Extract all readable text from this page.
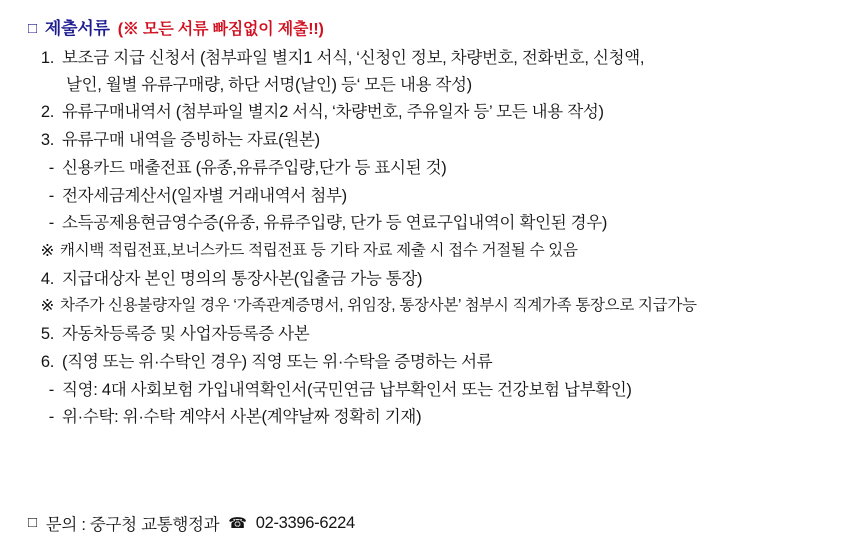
□ 제출서류 (※ 모든 서류 빠짐없이 제출!!)
1. 보조금 지급 신청서 (첨부파일 별지1 서식, ‘신청인 정보, 차량번호, 전화번호, 신청액,
날인, 월별 유류구매량, 하단 서명(날인) 등‘ 모든 내용 작성)
2. 유류구매내역서 (첨부파일 별지2 서식, ‘차량번호, 주유일자 등’ 모든 내용 작성)
3. 유류구매 내역을 증빙하는 자료(원본)
- 신용카드 매출전표 (유종,유류주입량,단가 등 표시된 것)
- 전자세금계산서(일자별 거래내역서 첨부)
- 소득공제용현금영수증(유종, 유류주입량, 단가 등 연료구입내역이 확인된 경우)
※ 캐시백 적립전표,보너스카드 적립전표 등 기타 자료 제출 시 접수 거절될 수 있음
4. 지급대상자 본인 명의의 통장사본(입출금 가능 통장)
※ 차주가 신용불량자일 경우 ‘가족관계증명서, 위임장, 통장사본’ 첨부시 직계가족 통장으로 지급가능
5. 자동차등록증 및 사업자등록증 사본
6. (직영 또는 위·수탁인 경우) 직영 또는 위·수탁을 증명하는 서류
- 직영: 4대 사회보험 가입내역확인서(국민연금 납부확인서 또는 건강보험 납부확인)
- 위·수탁: 위·수탁 계약서 사본(계약날짜 정확히 기재)
□ 문의 : 중구청 교통행정과 ☎ 02-3396-6224
